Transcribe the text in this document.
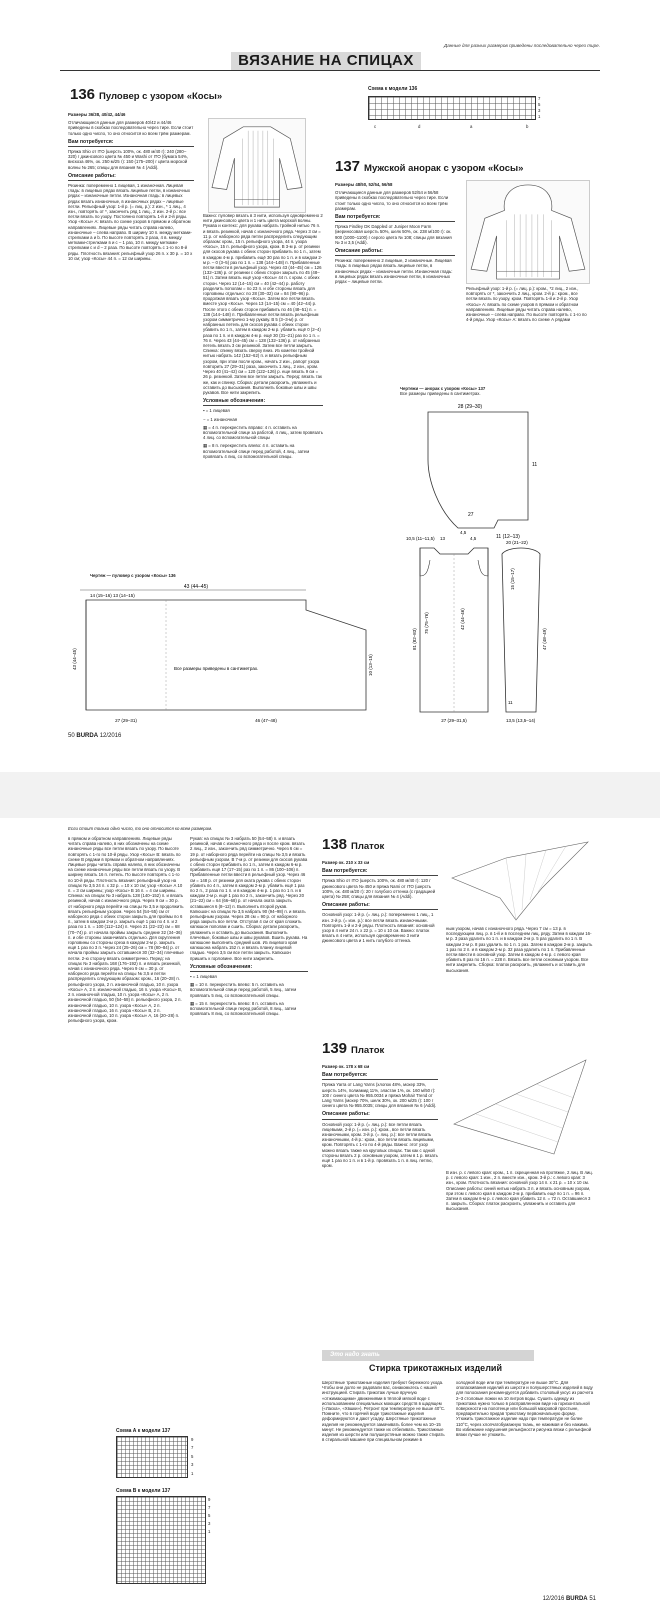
Данные для разных размеров приведены последовательно через тире.
ВЯЗАНИЕ НА СПИЦАХ
136 Пуловер с узором «Косы»
Размеры 36/38, 40/42, 44/46
Отличающиеся данные для размеров 40/42 и 44/46 приведены в скобках последовательно через тире. Если стоит только одно число, то оно относится ко всем трём размерам.
Вам потребуется:
Пряжа Shio от ITO (шерсть 100%, ок. 480 м/40 г): 240 (280–320) г джинсового цвета № 450 и Washi от ITO (бумага 54%, вискоза 46%, ок. 250 м/25 г): 150 (175–200) г цвета морской волны № 265; спицы для вязания № 4 (Addi).
Описание работы:
Резинка: попеременно 1 лицевая, 1 изнаночная. Лицевая гладь: в лицевых рядах вязать лицевые петли, в изнаночных рядах – изнаночные петли. Изнаночная гладь: в лицевых рядах вязать изнаночные, в изнаночных рядах – лицевые петли. Рельефный узор: 1-й р. (= лиц. р.): 2 изн., * 1 лиц., 4 изн., повторять от *, закончить ряд 1 лиц., 2 изн. 2-й р.: все петли вязать по узору. Постоянно повторять 1-й и 2-й ряды. Узор «Косы» А: вязать по схеме узоров в прямом и обратном направлениях. Лицевые ряды читать справа налево, изнаночные – слева направо. В ширину 10 п. между метками-стрелками а и b. По высоте повторять 2 раза, 4 в. между метками-стрелками в и с – 1 раз, 10 п. между метками-стрелками c и d – 2 раза. По высоте повторять с 1-го по 8-й ряды. Плотность вязания: рельефный узор 26 п. x 30 р. = 10 x 10 см; узор «Косы» 44 п. = 12 см ширины.
Важно: пуловер вязать в 3 нити, используя одновременно 2 нити джинсового цвета и 1 нить цвета морской волны. Рукава и контекс: для рукава набрать тройной нитью 76 п. и вязать резинкой, начав с изнаночного ряда. Через 3 см = 11 р. от наборного ряда петли распределить следующим образом: кром., 15 п. рельефного узора, 44 п. узора «Косы», 15 п. рельефного узора, кром. В 3-м р. от резинки для скосов рукава с обеих сторон прибавить по 1 п., затем в каждом 4-м р. прибавить ещё 30 раз по 1 п. и в каждом 2-м р. – 0 (3–5) раз по 1 п. = 138 (144–148) п. Прибавленные петли ввести в рельефный узор. Через 43 (44–45) см = 126 (132–136) р. от резинки с обеих сторон закрыть по 45 (48–51) п. Затем вязать ещё узор «Косы» 44 п. с кром. с обеих сторон. Через 12 (14–15) см = 40 (42–44) р. работу разделить пополам = по 23 п. и обе стороны вязать для горловины отдельно: по 28 (30–32) см = 84 (90–96) р. продолжая вязать узор «Косы». Затем все петли вязать вместе узор «Косы». Через 13 (14–15) см = 40 (42–44) р. После этого с обеих сторон прибавить по 46 (48–51) п. = 138 (144–148) п. Прибавленные петли вязать рельефным узором симметрично 1-му рукаву. В 5 (3–3-м) р. от набранных петель для скосов рукава с обеих сторон убавить по 1 п., затем в каждом 2-м р. убавить ещё 0 (2–4) раза по 1 п. и в каждом 4-м р. ещё 30 (31–21) раз по 1 п. = 76 п. Через 43 (44–45) см = 128 (132–136) р. от набранных петель вязать 3 см резинкой. Затем все петли закрыть. Спинка: спинку вязать сверху вниз. Из кометки тройной нитью набрать 142 (152–62) п. и вязать рельефным узором, при этом после кром., начать 2 изн., рапорт узора повторить 27 (29–31) раза, закончить 1 лиц., 2 изн., кром. Через 40 (41–42) см = 120 (122–126) р. еще вязать 9 см = 26 р. резинкой. Затем все петли закрыть. Перед: вязать так же, как и спинку. Сборка: детали раскроить, увлажнить и оставить до высыхания. Выполнить боковые швы и швы рукавов. Все нити закрепить.
Условные обозначения:
▪ = 1 лицевая
− = 1 изнаночная
▦ = 4 п. перекрестить вправо: 4 п. оставить на вспомогательной спице за работой, 4 лиц., затем провязать 4 лиц. со вспомогательной спицы
▦ = 8 п. перекрестить влево: 4 п. оставить на вспомогательной спице перед работой, 4 лиц., затем провязать 4 лиц. со вспомогательной спицы.
Схема к модели 136
7
5
3
1
c	d	a	b
137 Мужской анорак с узором «Косы»
Размеры 48/50, 52/54, 56/58
Отличающиеся данные для размеров 52/54 и 56/58 приведены в скобках последовательно через тире. Если стоит только одно число, то оно относится ко всем трём размерам.
Вам потребуется:
Пряжа Findley DK Dappled от Juniper Moon Farm (мериносовая шерсть 50%, шелк 50%, ок. 238 м/100 г): ок. 900 (1000–1100) г серого цвета № 108; спицы для вязания № 3 и 3,5 (Addi).
Описание работы:
Резинка: попеременно 2 лицевые, 2 изнаночные. Лицевая гладь: в лицевых рядах вязать лицевые петли, в изнаночных рядах – изнаночные петли. Изнаночная гладь: в лицевых рядах вязать изнаночные петли, в изнаночных рядах – лицевые петли.
Рельефный узор: 1-й р. (= лиц. р.): кром., *2 лиц., 2 изн., повторять от *, закончить 2 лиц., кром. 2-й р.: кром., все петли вязать по узору, кром. Повторять 1-й и 2-й р. Узор «Косы» А: вязать по схеме узоров в прямом и обратном направлениях. Лицевые ряды читать справа налево, изнаночные – слева направо. По высоте повторять с 1-го по 4-й ряды. Узор «Косы» А: вязать по схеме А рядами
Чертежи — анорак с узором «Косы» 137
Все размеры приведены в сантиметрах.
28 (29–30)
11
27
11 (12–13)
10,5 (11–11,5) 13
4,5
4,5
81 (82–83)
75 (75–76)	42 (44–46)
27 (29–31,5)
20 (21–22)
15 (15–17)
47 (48–49)
11
13,5 (13,5–14)
Чертеж — пуловер с узором «Косы» 136
43 (44–45)
14 (15–16) 13 (14–15)
43 (44–45)	10 (13–15)
27 (29–31)	46 (47–48)
Все размеры приведены в сантиметрах.
50 BURDA 12/2016
Если стоит только одно число, то оно относится ко всем размерам.
в прямом и обратном направлениях. Лицевые ряды читать справа налево, в них обозначены на схеме изнаночные ряды все петли вязать по узору. По высоте повторять с 1-го по 10-й ряды. Узор «Косы» В: вязать по схеме В рядами в прямом и обратном направлениях. Лицевые ряды читать справа налево, в них обозначены на схеме изнаночные ряды все петли вязать по узору. В ширину вязать 16 п. петель. По высоте повторять с 1-го по 10-й ряды. Плотность вязания: рельефный узор на спицах № 3,5 24 п. x 32 р. = 10 x 10 см; узор «Косы» А 10 п. = 3 см ширины; узор «Косы» В 16 п. = 4 см ширины. Спинка: на спицах № 3 набрать 128 (140–152) п. и вязать резинкой, начав с изнаночного ряда. Через 9 см = 30 р. от наборного ряда перейти на спицы № 3,5 и продолжить вязать рельефным узором. Через 54 (54–55) см от наборного ряда с обеих сторон закрыть для проймы по 6 п., затем в каждом 2-м р. закрыть ещё 1 раз по 4 п. и 2 раза по 1 п. = 100 (112–124) п. Через 21 (22–23) см = 68 (70–74) р. от начала проймы закрыть средние 32 (34–36) п. и обе стороны заканчивать отдельно. Для скругления горловины со стороны среза в каждом 2-м р. закрыть ещё 1 раз по 3 п. Через 24 (25–26) см = 78 (80–84) р. от начала проймы закрыть оставшиеся 30 (32–34) плечевые петли. 2-ю сторону вязать симметрично. Перед: на спицах № 3 набрать 168 (176–192) п. и вязать резинкой, начав с изнаночного ряда. Через 9 см = 30 р. от наборного ряда перейти на спицы № 3,5 и петли распределить следующим образом: кром., 16 (20–28) п. рельефного узора, 2 п. изнаночной гладью, 10 п. узора «Косы» А, 2 п. изнаночной гладью, 16 п. узора «Косы» В, 2 п. изнаночной гладью, 10 п. узора «Косы» А, 2 п. изнаночной гладью, 50 (54–58) п. рельефного узора, 2 п. изнаночной гладью, 10 п. узора «Косы» А, 2 п. изнаночной гладью, 16 п. узора «Косы» В, 2 п. изнаночной гладью, 10 п. узора «Косы» А, 16 (20–28) п. рельефного узора, кром.
Рукав: на спицах № 3 набрать 50 (54–58) п. и вязать резинкой, начав с изнаночного ряда и после кром. вязать 2 лиц., 2 изн., закончить ряд симметрично. Через 6 см = 19 р. от наборного ряда перейти на спицы № 3,5 и вязать рельефным узором. В 7-м р. от резинки для скосов рукава с обеих сторон прибавить по 1 п., затем в каждом 6-м р. прибавить ещё 17 (17–15) раз по 1 п. = 86 (100–106) п. Прибавленные петли ввести в рельефный узор. Через 46 см = 148 р. от резинки для оката рукава с обеих сторон убавить по 4 п., затем в каждом 2-м р. убавить ещё 1 раз по 2 п., 2 раза по 1 п. и в каждом 4-м р. 1 раз по 1 п. и в каждом 2-м р. ещё 1 раз по 2 п., закончить ряд. Через 20 (21–22) см = 64 (66–68) р. от начала оката закрыть оставшиеся 6 (8–12) п. Выполнить второй рукав. Капюшон: на спицах № 3,5 набрать 90 (94–98) п. и вязать рельефным узором. Через 28 см = 90 р. от наборного ряда закрыть все петли. Отступая 4 см от края сложить капюшон пополам и сшить. Сборка: детали раскроить, увлажнить и оставить до высыхания. Выполнить плечевые, боковые швы и швы рукавов. Вшить рукава. На капюшоне выполнить средний шов. Из лицевого края капюшона набрать 152 п. и вязать планку лицевой гладью. Через 3,5 см все петли закрыть. Капюшон пришить к горловине. Все нити закрепить.
Условные обозначения:
▪ = 1 лицевая
▦ = 10 п. перекрестить влево: 5 п. оставить на вспомогательной спице перед работой, 5 лиц., затем провязать 5 лиц. со вспомогательной спицы.
▦ = 15 п. перекрестить влево: 8 п. оставить на вспомогательной спице перед работой, 8 лиц., затем провязать 8 лиц. со вспомогательной спицы.
Схема А к модели 137
9
7
5
3
1
Схема В к модели 137
9
7
5
3
1
138 Платок
Размер ок. 210 х 33 см
Вам потребуется:
Пряжа Shio от ITO (шерсть 100%, ок. 480 м/40 г): 120 г джинсового цвета № 450 и пряжа Nami от ITO (шерсть 100%, ок. 480 м/20 г): 20 г голубого оттенка (с градацией цвета) № 258; спицы для вязания № 4 (Addi).
Описание работы:
Основной узор: 1-й р. (= лиц. р.): попеременно 1 лиц., 1 изн. 2-й р. (= изн. р.): все петли вязать изнаночными. Повторять 1-й и 2-й ряды. Плотность вязания: основной узор в 4 нити 24 п. x 22 р. = 10 x 10 см. Важно: платок вязать в 4 нити, используя одновременно 3 нити джинсового цвета и 1 нить голубого оттенка.
ным узором, начав с изнаночного ряда. Через 7 см = 13 р. в последующем лиц. р. в 1-й и в последнем лиц. ряду. Затем в каждом 16-м р. 3 раза удалить по 1 п. и в каждом 2-м р. 5 раз удалить по 1 п. В каждом 2-м р. 8 раз удалить по 1 п. 1 раз. Затем в каждом 2-м р. закрыть 1 раз по 2 п. и в каждом 2-м р. 32 раза удалить по 1 п. Прибавленные петли ввести в основной узор. Затем в каждом 4-м р. с левого края убавить 8 раз по 16 п. = 228 п. Вязать все петли основным узором. Все нити закрепить. Сборка: платок раскроить, увлажнить и оставить для высыхания.
139 Платок
Размер ок. 178 х 68 см
Вам потребуется:
Пряжа Yarra от Lang Yarns (хлопок 48%, мохер 33%, шерсть 14%, полиамид 11%, эластан 1%, ок. 160 м/50 г): 100 г синего цвета № 955.0034 и пряжа Mohair Trend от Lang Yarns (мохер 70%, шелк 30%, ок. 200 м/25 г): 100 г синего цвета № 955.0035; спицы для вязания № 6 (Addi).
Описание работы:
Основной узор: 1-й р. (= лиц. р.): все петли вязать лицевыми, 2-й р. (= изн. р.): кром., все петли вязать изнаночными, кром. 3-й р. (= лиц. р.): все петли вязать изнаночными, 4-й р.: кром., все петли вязать лицевыми, кром. Повторять с 1-го по 4-й ряды. Важно: этот узор можно вязать также на круговых спицах. Так как с одной стороны вязать 2 р. основным узором, затем в 1 р. вязать ещё 1 раз по 1 п. и в 1-й р. провязать 1 п. в лиц. петлю, кром.
В изн. р. с левого края: кром., 1 п. скрещенная на протяжке, 2 лиц. В лиц. р. с левого края: 1 изн., 2 п. вместе изн., кром. 3-й р.: с левого края: 3 изн., кром. Плотность вязания: основной узор 14 п. x 21 р. = 10 x 10 см. Описание работы: синей нитью набрать 3 п. и вязать основным узором, при этом с левого края в каждом 2-м р. прибавить ещё по 1 п. = 96 п. Затем в каждом 6-м р. с левого края убавить 12 п. = 72 п. Оставшиеся 3 п. закрыть. Сборка: платок раскроить, увлажнить и оставить для высыхания.
Это надо знать
Стирка трикотажных изделий
Шерстяные трикотажные изделия требуют бережного ухода. Чтобы они долго не радовали вас, ознакомьтесь с нашей инструкцией. Стирать трикотаж лучше вручную «отжимающими» движениями в тёплой мягкой воде с использованием специальных моющих средств в щадящем («Ласка», «Хвшки»). Ретронт при температуре не выше 40°С. Помните, что в горячей воде трикотажные изделия деформируются и дают усадку. Шерстяные трикотажные изделия не рекомендуется замачивать более чем на 10–15 минут. Не рекомендуется также их отбеливать. Трикотажные изделия из шерсти или полушерстяные можно также стирать в стиральной машине при специальном режиме в
холодной воде или при температуре не выше 30°С. Для ополаскивания изделий из шерсти и полушерстяных изделий в воду для полоскания рекомендуется добавить столовый уксус из расчета 2–3 столовые ложки на 10 литров воды. Сушить одежду из трикотажа нужно только в расправленном виде на горизонтальной поверхности на полотенце или большой махровой простыне, предварительно придав трикотажу первоначальную форму. Утюжить трикотажное изделие надо при температуре не более 110°С, через хлопчатобумажную ткань, не нажимая и без нажима. Во избежание нарушения рельефности рисунка вязки с рельефной вязки лучше не утюжить.
12/2016 BURDA 51
